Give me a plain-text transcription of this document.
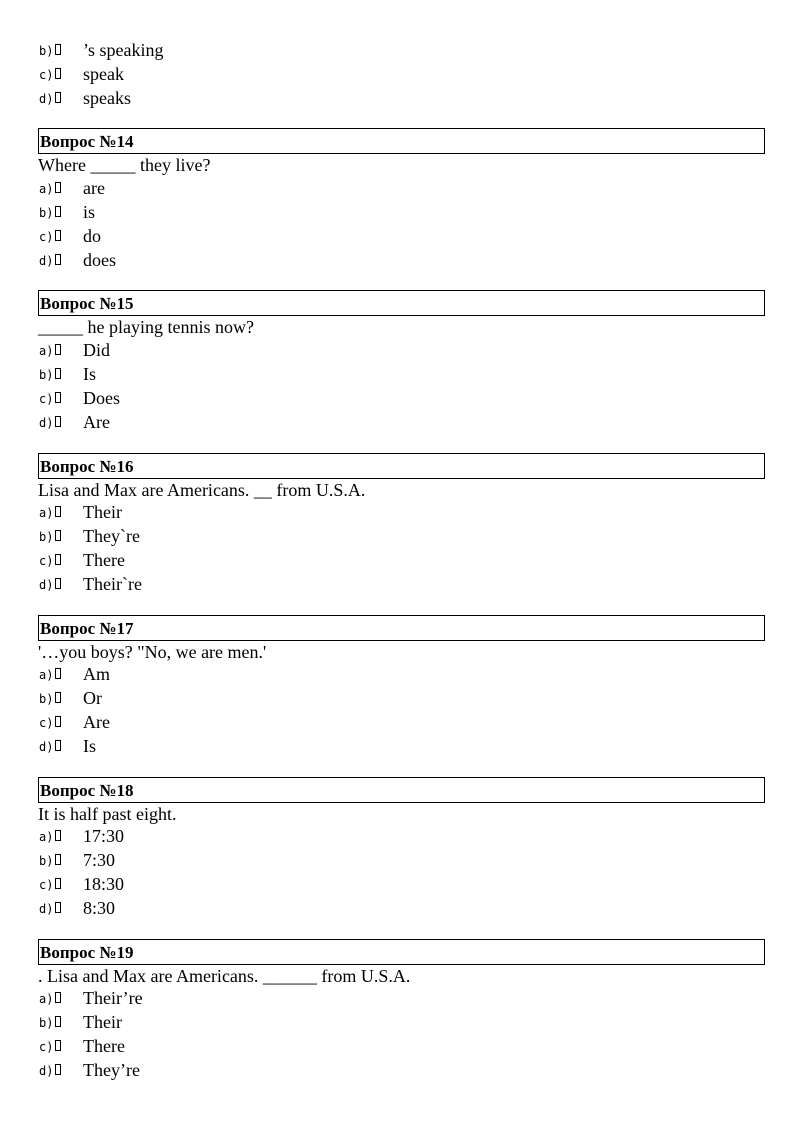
b) ’s speaking
c) speak
d) speaks
Вопрос №14
Where _____ they live?
a) are
b) is
c) do
d) does
Вопрос №15
_____ he playing tennis now?
a) Did
b) Is
c) Does
d) Are
Вопрос №16
Lisa and Max are Americans. __ from U.S.A.
a) Their
b) They`re
c) There
d) Their`re
Вопрос №17
'…you boys? "No, we are men.'
a) Am
b) Or
c) Are
d) Is
Вопрос №18
It is half past eight.
a) 17:30
b) 7:30
c) 18:30
d) 8:30
Вопрос №19
. Lisa and Max are Americans. ______ from U.S.A.
a) Their’re
b) Their
c) There
d) They’re
